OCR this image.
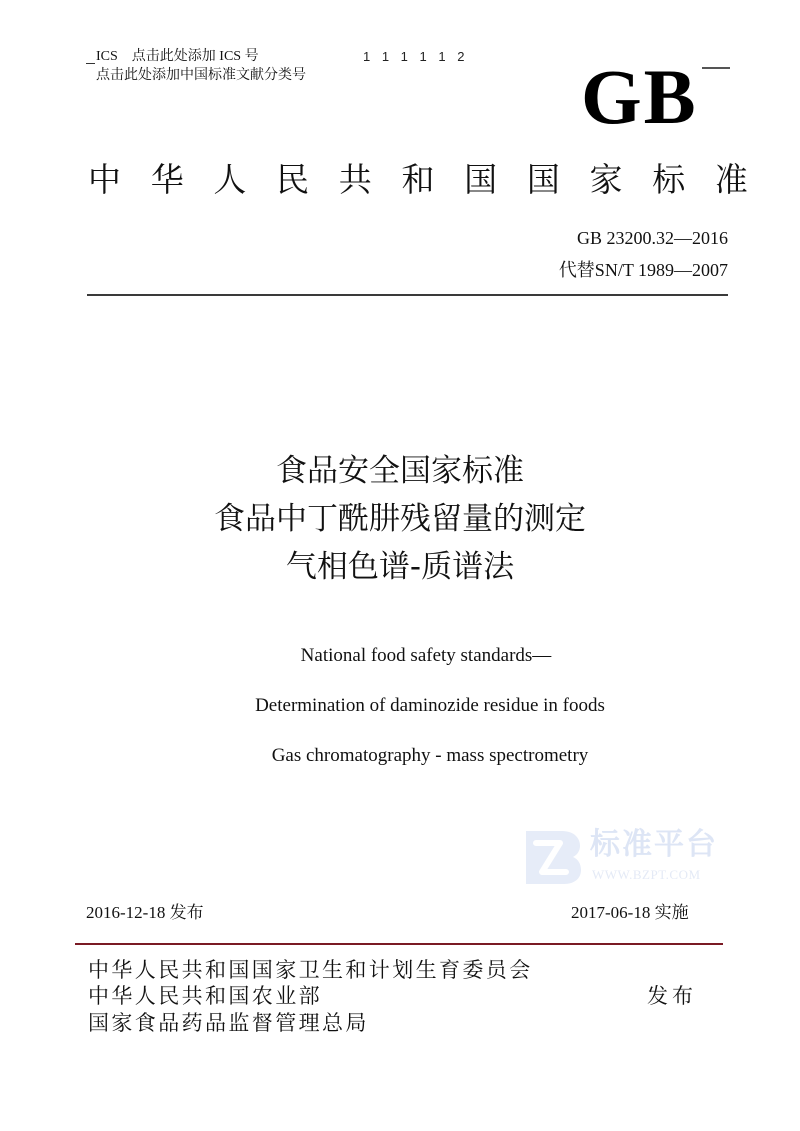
ICS 点击此处添加 ICS 号
点击此处添加中国标准文献分类号
1 1 1 1 1 2 GB
中 华 人 民 共 和 国 国 家 标 准
GB 23200.32—2016
代替SN/T 1989—2007
食品安全国家标准
食品中丁酰肼残留量的测定
气相色谱-质谱法
National food safety standards—
Determination of daminozide residue in foods
Gas chromatography - mass spectrometry
标准平台
WWW.BZPT.COM
2016-12-18 发布	2017-06-18 实施
中华人民共和国国家卫生和计划生育委员会
中华人民共和国农业部
国家食品药品监督管理总局
发布
